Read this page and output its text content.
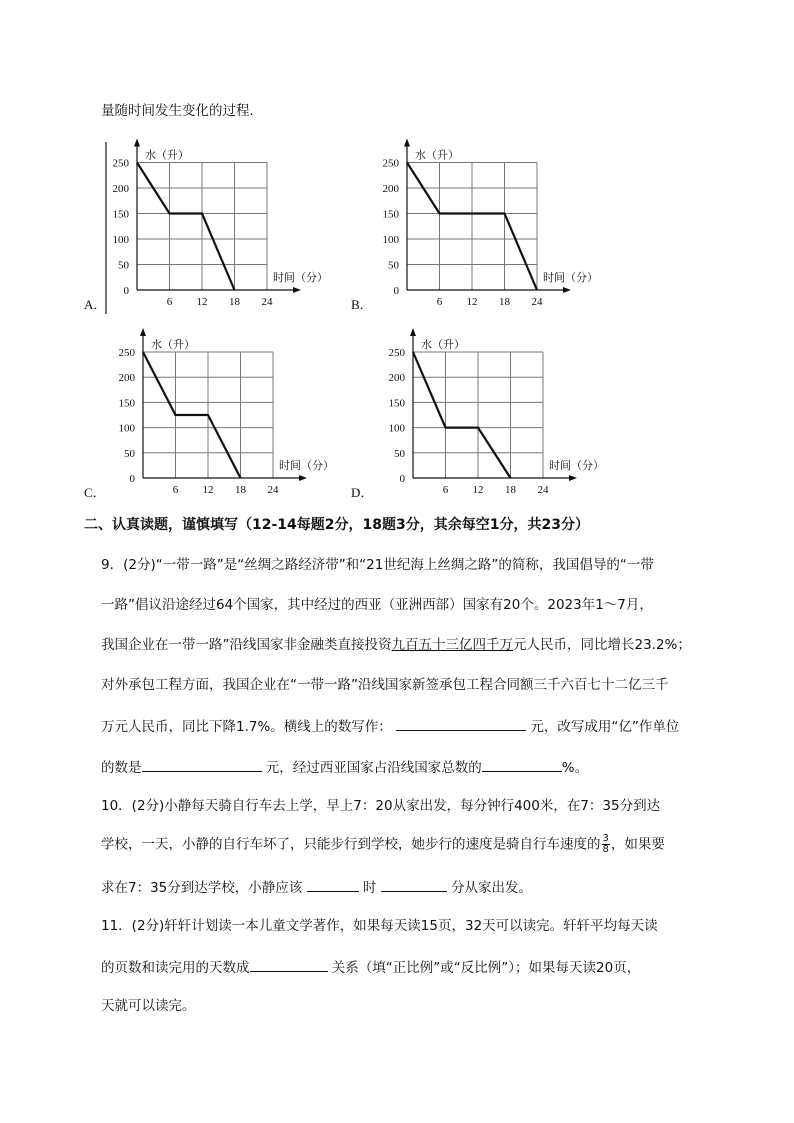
量随时间发生变化的过程．
0
50
100
150
200
250
6 12 18 24
水（升）
时间（分）
0
50
100
150
200
250
6 12 18 24
水（升）
时间（分）
0
50
100
150
200
250
6 12 18 24
水（升）
时间（分）
0
50
100
150
200
250
6 12 18 24
水（升）
时间（分）
A．	B．
C．	D．
二、认真读题，谨慎填写（12-14每题2分，18题3分，其余每空1分，共23分）
9．(2分)“一带一路”是“丝绸之路经济带”和“21世纪海上丝绸之路”的简称，我国倡导的“一带
一路”倡议沿途经过64个国家，其中经过的西亚（亚洲西部）国家有20个。2023年1～7月，
我国企业在一带一路”沿线国家非金融类直接投资九百五十三亿四千万元人民币，同比增长23.2%；
对外承包工程方面，我国企业在“一带一路”沿线国家新签承包工程合同额三千六百七十二亿三千
万元人民币，同比下降1.7%。横线上的数写作：	元，改写成用“亿”作单位
的数是	元，经过西亚国家占沿线国家总数的	%。
10．(2分)小静每天骑自行车去上学，早上7：20从家出发，每分钟行400米，在7：35分到达
学校，一天，小静的自行车坏了，只能步行到学校，她步行的速度是骑自行车速度的 $\frac{3}{8}$ ，如果要
求在7：35分到达学校，小静应该	时	分从家出发。
11．(2分)轩轩计划读一本儿童文学著作，如果每天读15页，32天可以读完。轩轩平均每天读
的页数和读完用的天数成	关系（填“正比例”或“反比例”）；如果每天读20页，
天就可以读完。
